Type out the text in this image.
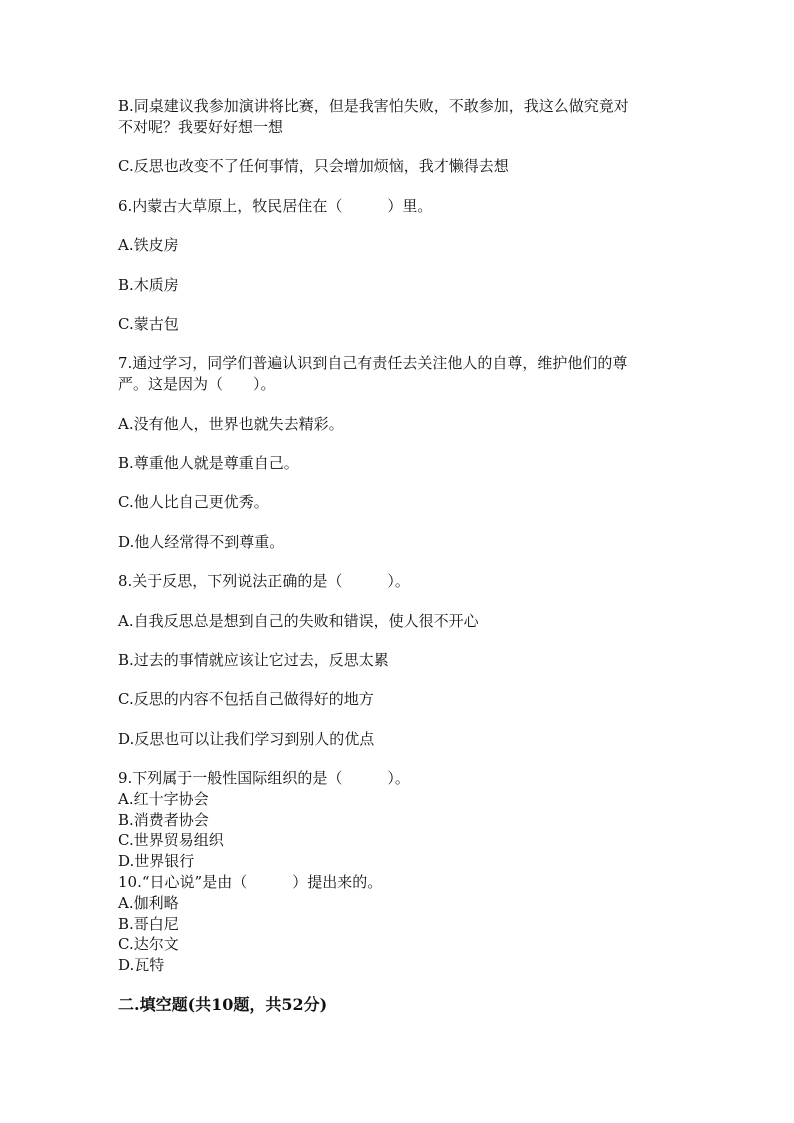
B.同桌建议我参加演讲将比赛，但是我害怕失败，不敢参加，我这么做究竟对
不对呢？我要好好想一想
C.反思也改变不了任何事情，只会增加烦恼，我才懒得去想
6.内蒙古大草原上，牧民居住在（　　　）里。
A.铁皮房
B.木质房
C.蒙古包
7.通过学习，同学们普遍认识到自己有责任去关注他人的自尊，维护他们的尊
严。这是因为（　　）。
A.没有他人，世界也就失去精彩。
B.尊重他人就是尊重自己。
C.他人比自己更优秀。
D.他人经常得不到尊重。
8.关于反思，下列说法正确的是（　　　）。
A.自我反思总是想到自己的失败和错误，使人很不开心
B.过去的事情就应该让它过去，反思太累
C.反思的内容不包括自己做得好的地方
D.反思也可以让我们学习到别人的优点
9.下列属于一般性国际组织的是（　　　）。
A.红十字协会
B.消费者协会
C.世界贸易组织
D.世界银行
10.“日心说”是由（　　　）提出来的。
A.伽利略
B.哥白尼
C.达尔文
D.瓦特
二.填空题(共10题，共52分)
